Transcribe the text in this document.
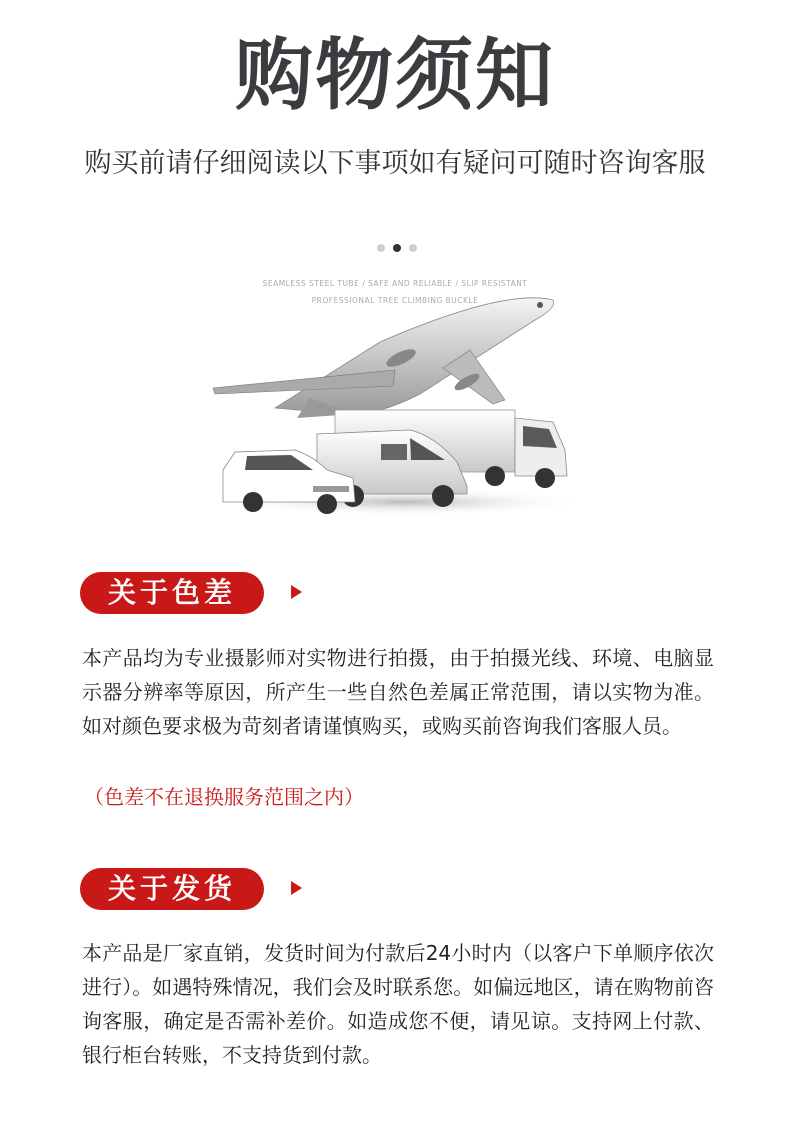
购物须知
购买前请仔细阅读以下事项如有疑问可随时咨询客服
SEAMLESS STEEL TUBE / SAFE AND RELIABLE / SLIP RESISTANT
PROFESSIONAL TREE CLIMBING BUCKLE
关于色差
本产品均为专业摄影师对实物进行拍摄，由于拍摄光线、环境、电脑显示器分辨率等原因，所产生一些自然色差属正常范围，请以实物为准。如对颜色要求极为苛刻者请谨慎购买，或购买前咨询我们客服人员。
（色差不在退换服务范围之内）
关于发货
本产品是厂家直销，发货时间为付款后24小时内（以客户下单顺序依次进行）。如遇特殊情况，我们会及时联系您。如偏远地区，请在购物前咨询客服，确定是否需补差价。如造成您不便，请见谅。支持网上付款、银行柜台转账，不支持货到付款。
